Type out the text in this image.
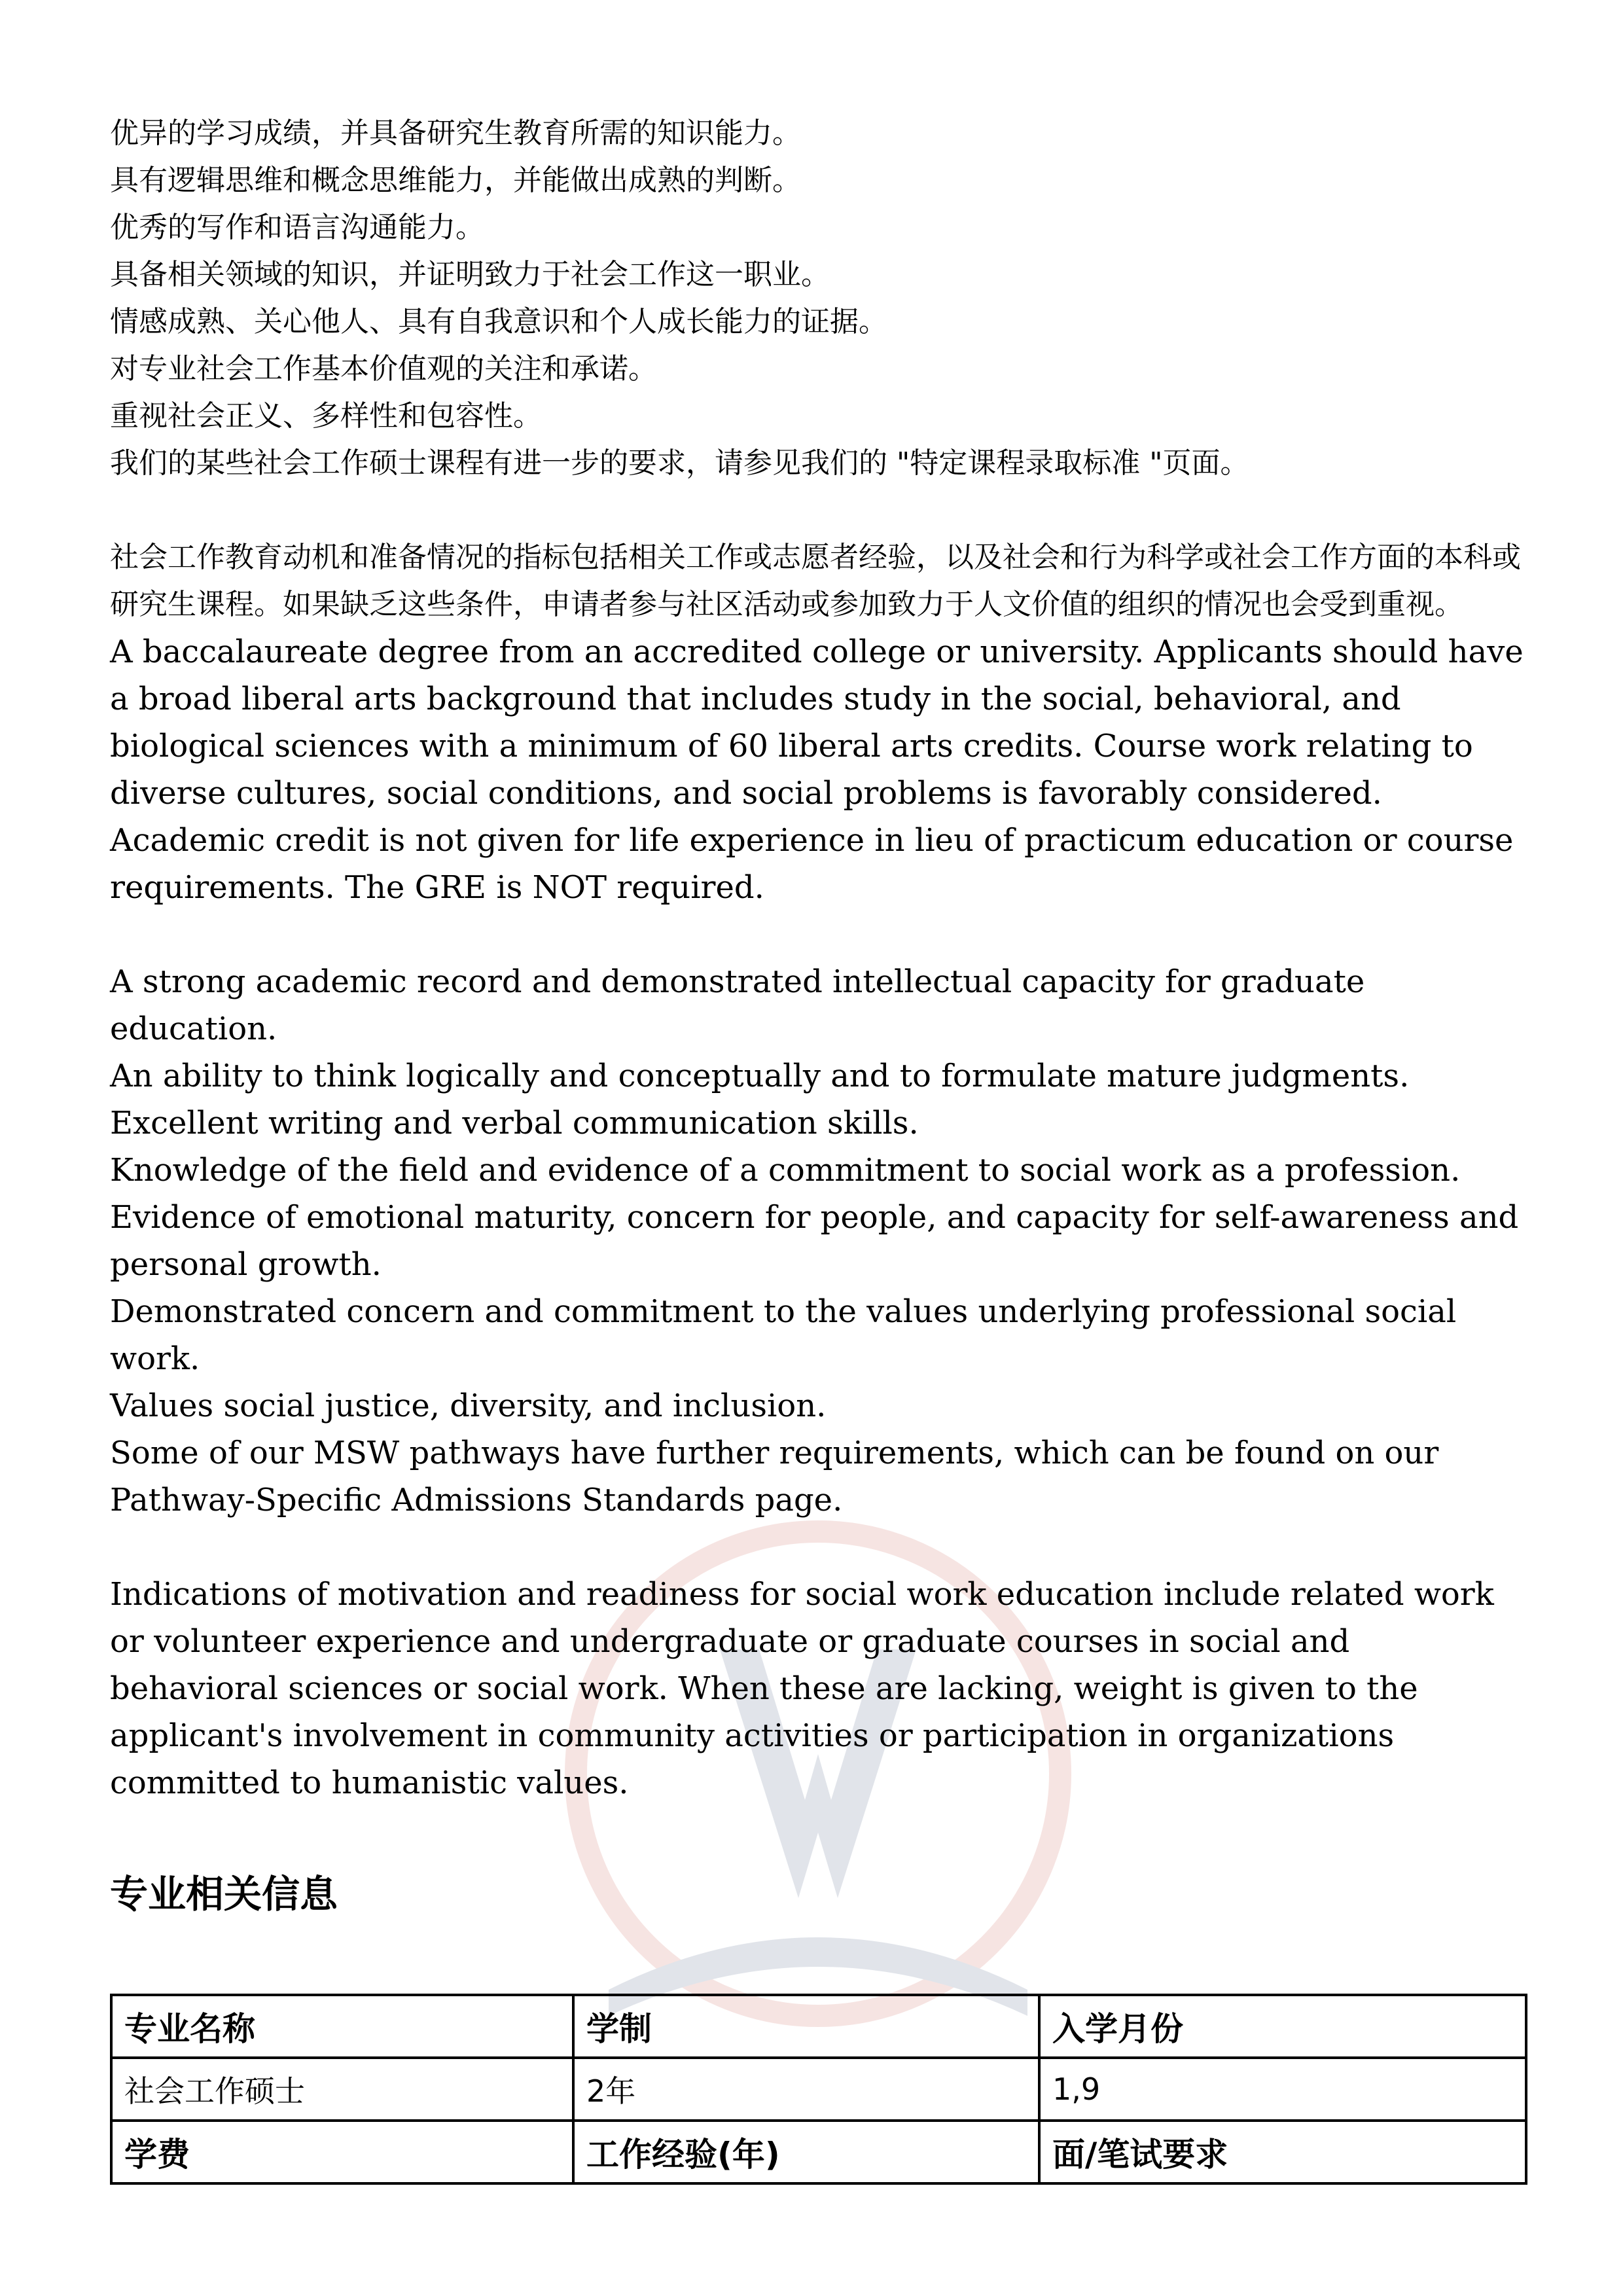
优异的学习成绩，并具备研究生教育所需的知识能力。

具有逻辑思维和概念思维能力，并能做出成熟的判断。

优秀的写作和语言沟通能力。

具备相关领域的知识，并证明致力于社会工作这一职业。

情感成熟、关心他人、具有自我意识和个人成长能力的证据。

对专业社会工作基本价值观的关注和承诺。

重视社会正义、多样性和包容性。

我们的某些社会工作硕士课程有进一步的要求，请参见我们的 "特定课程录取标准 "页面。

社会工作教育动机和准备情况的指标包括相关工作或志愿者经验，以及社会和行为科学或社会工作方面的本科或研究生课程。如果缺乏这些条件，申请者参与社区活动或参加致力于人文价值的组织的情况也会受到重视。

A baccalaureate degree from an accredited college or university. Applicants should have a broad liberal arts background that includes study in the social, behavioral, and biological sciences with a minimum of 60 liberal arts credits. Course work relating to diverse cultures, social conditions, and social problems is favorably considered. Academic credit is not given for life experience in lieu of practicum education or course requirements. The GRE is NOT required.

A strong academic record and demonstrated intellectual capacity for graduate education.

An ability to think logically and conceptually and to formulate mature judgments.

Excellent writing and verbal communication skills.

Knowledge of the field and evidence of a commitment to social work as a profession.

Evidence of emotional maturity, concern for people, and capacity for self-awareness and personal growth.

Demonstrated concern and commitment to the values underlying professional social work.

Values social justice, diversity, and inclusion.

Some of our MSW pathways have further requirements, which can be found on our Pathway-Specific Admissions Standards page.

Indications of motivation and readiness for social work education include related work or volunteer experience and undergraduate or graduate courses in social and behavioral sciences or social work. When these are lacking, weight is given to the applicant's involvement in community activities or participation in organizations committed to humanistic values.

专业相关信息
专业名称	学制	入学月份
社会工作硕士	2年	1,9
学费	工作经验(年)	面/笔试要求
